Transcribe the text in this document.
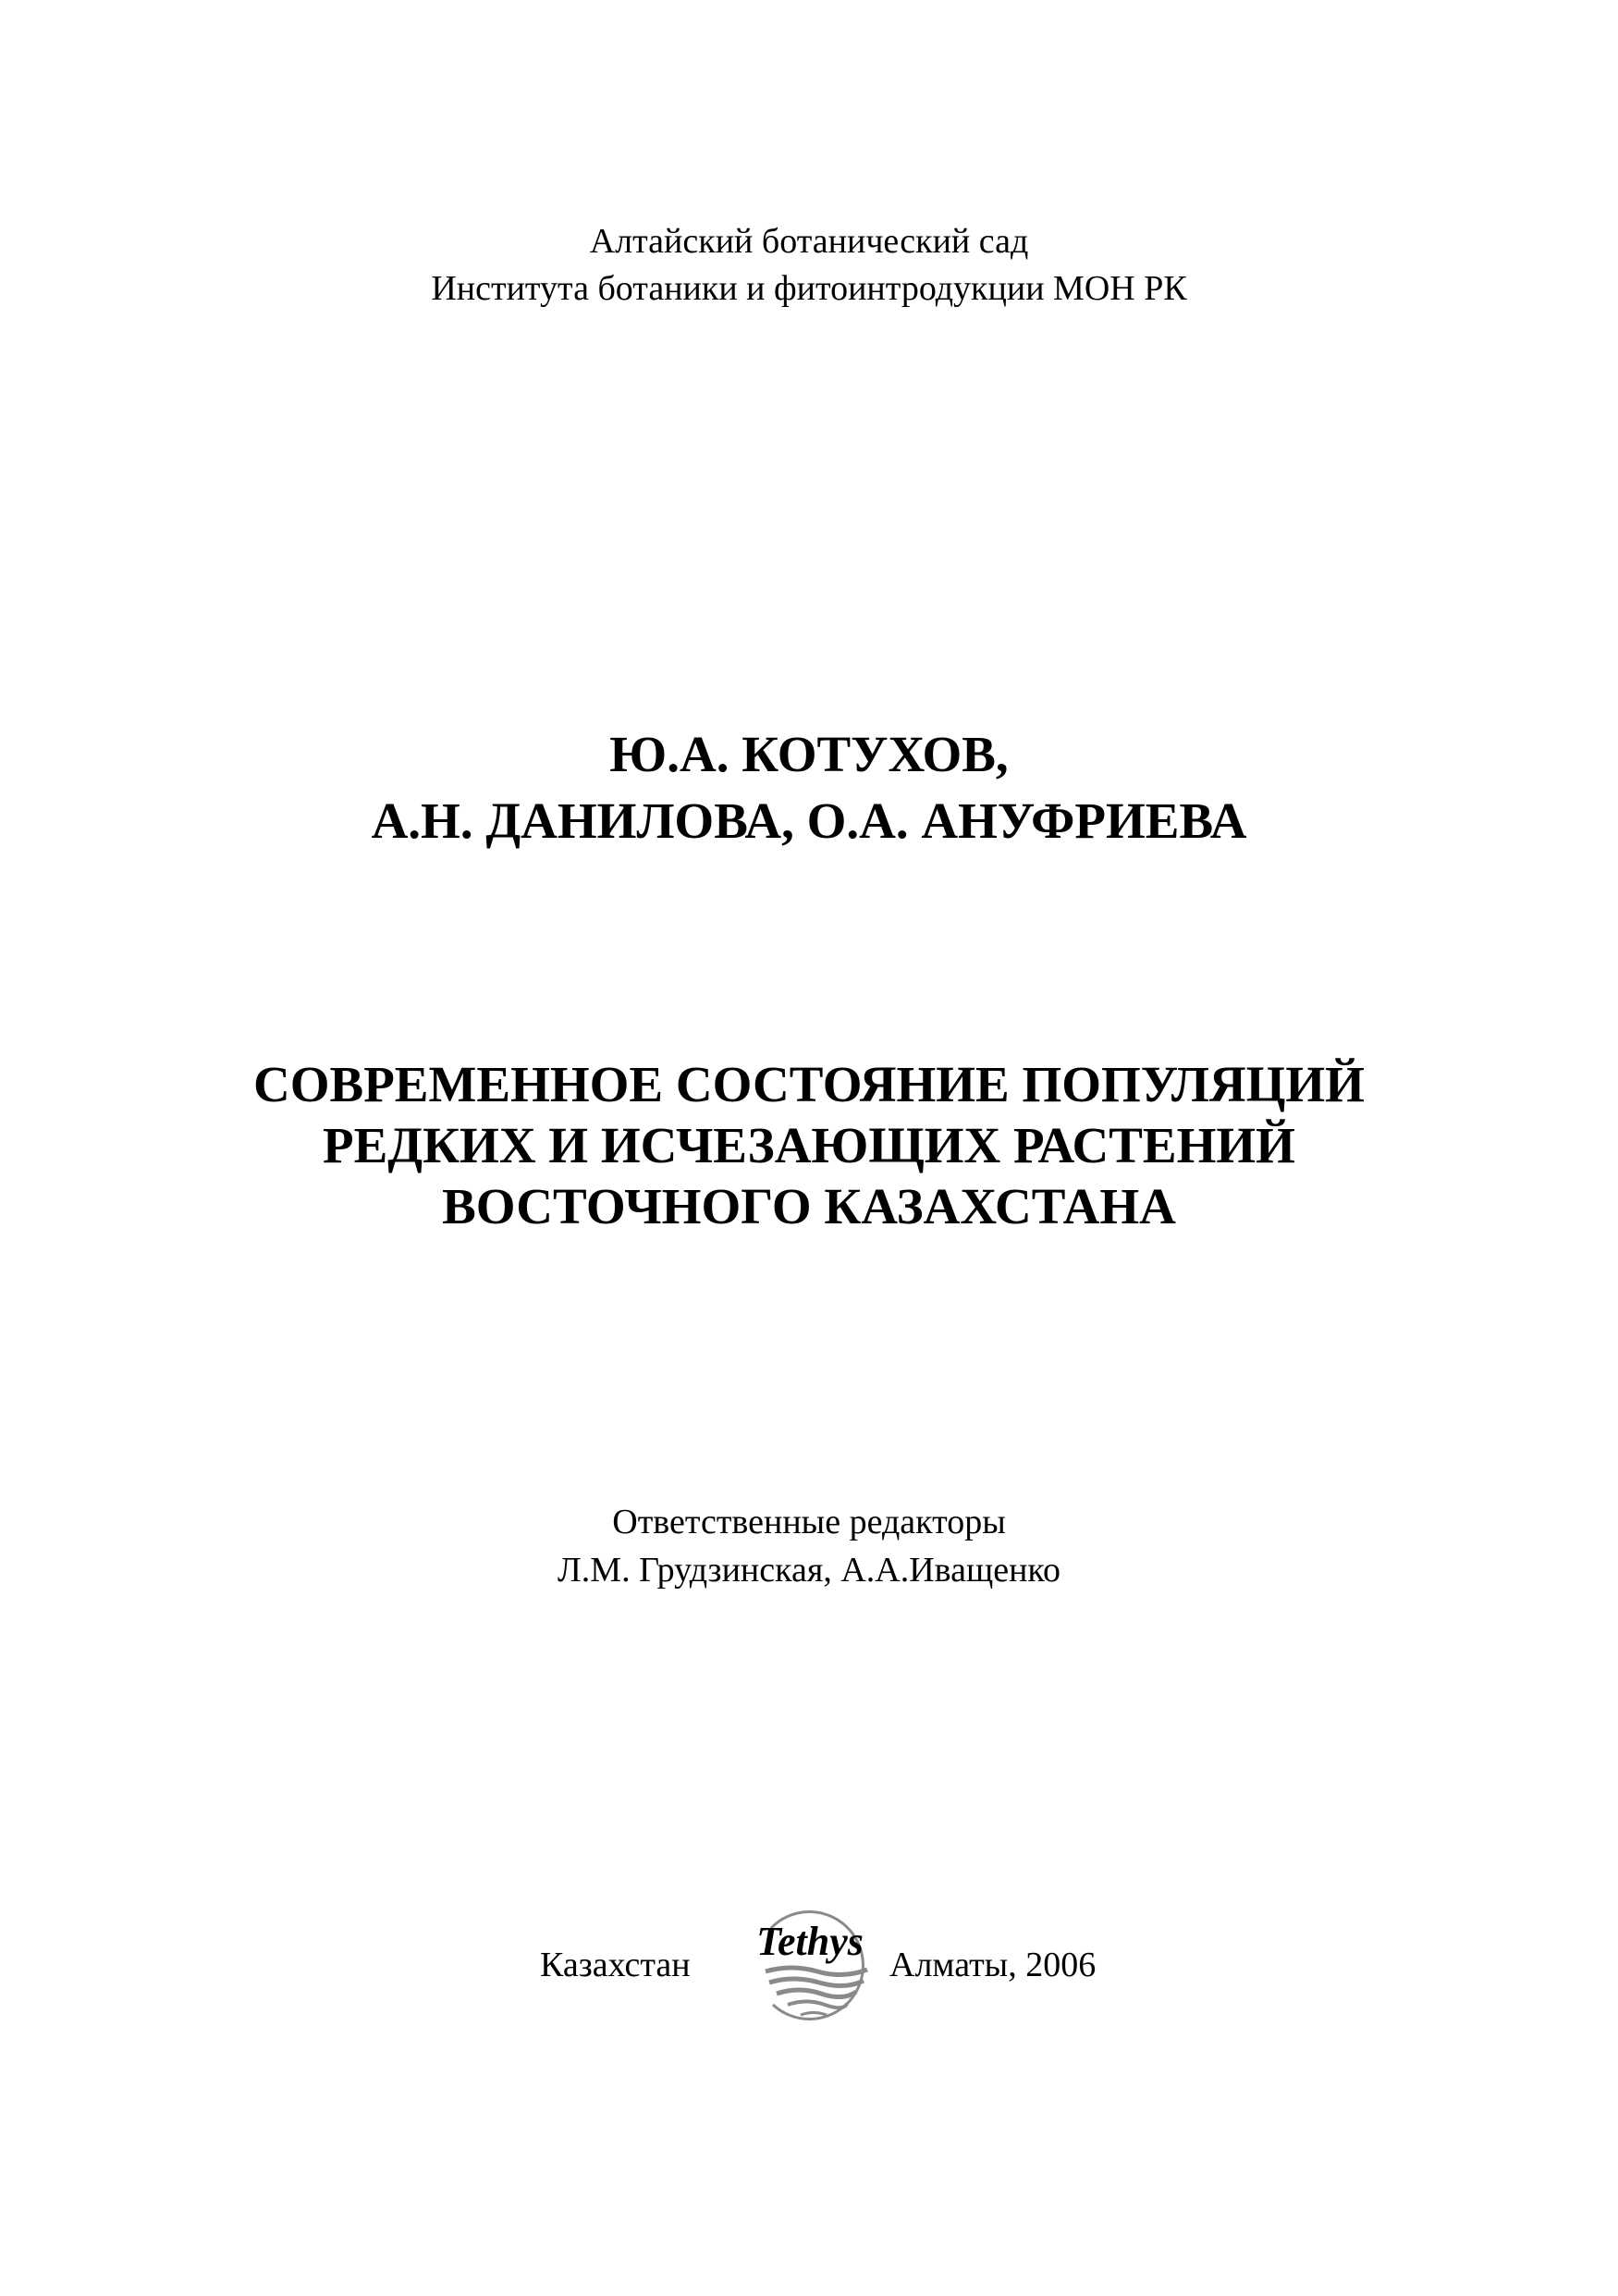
Алтайский ботанический сад
Института ботаники и фитоинтродукции МОН РК
Ю.А. КОТУХОВ,
А.Н. ДАНИЛОВА, О.А. АНУФРИЕВА
СОВРЕМЕННОЕ СОСТОЯНИЕ ПОПУЛЯЦИЙ
РЕДКИХ И ИСЧЕЗАЮЩИХ РАСТЕНИЙ
ВОСТОЧНОГО КАЗАХСТАНА
Ответственные редакторы
Л.М. Грудзинская, А.А.Иващенко
Казахстан
Tethys
Алматы, 2006
